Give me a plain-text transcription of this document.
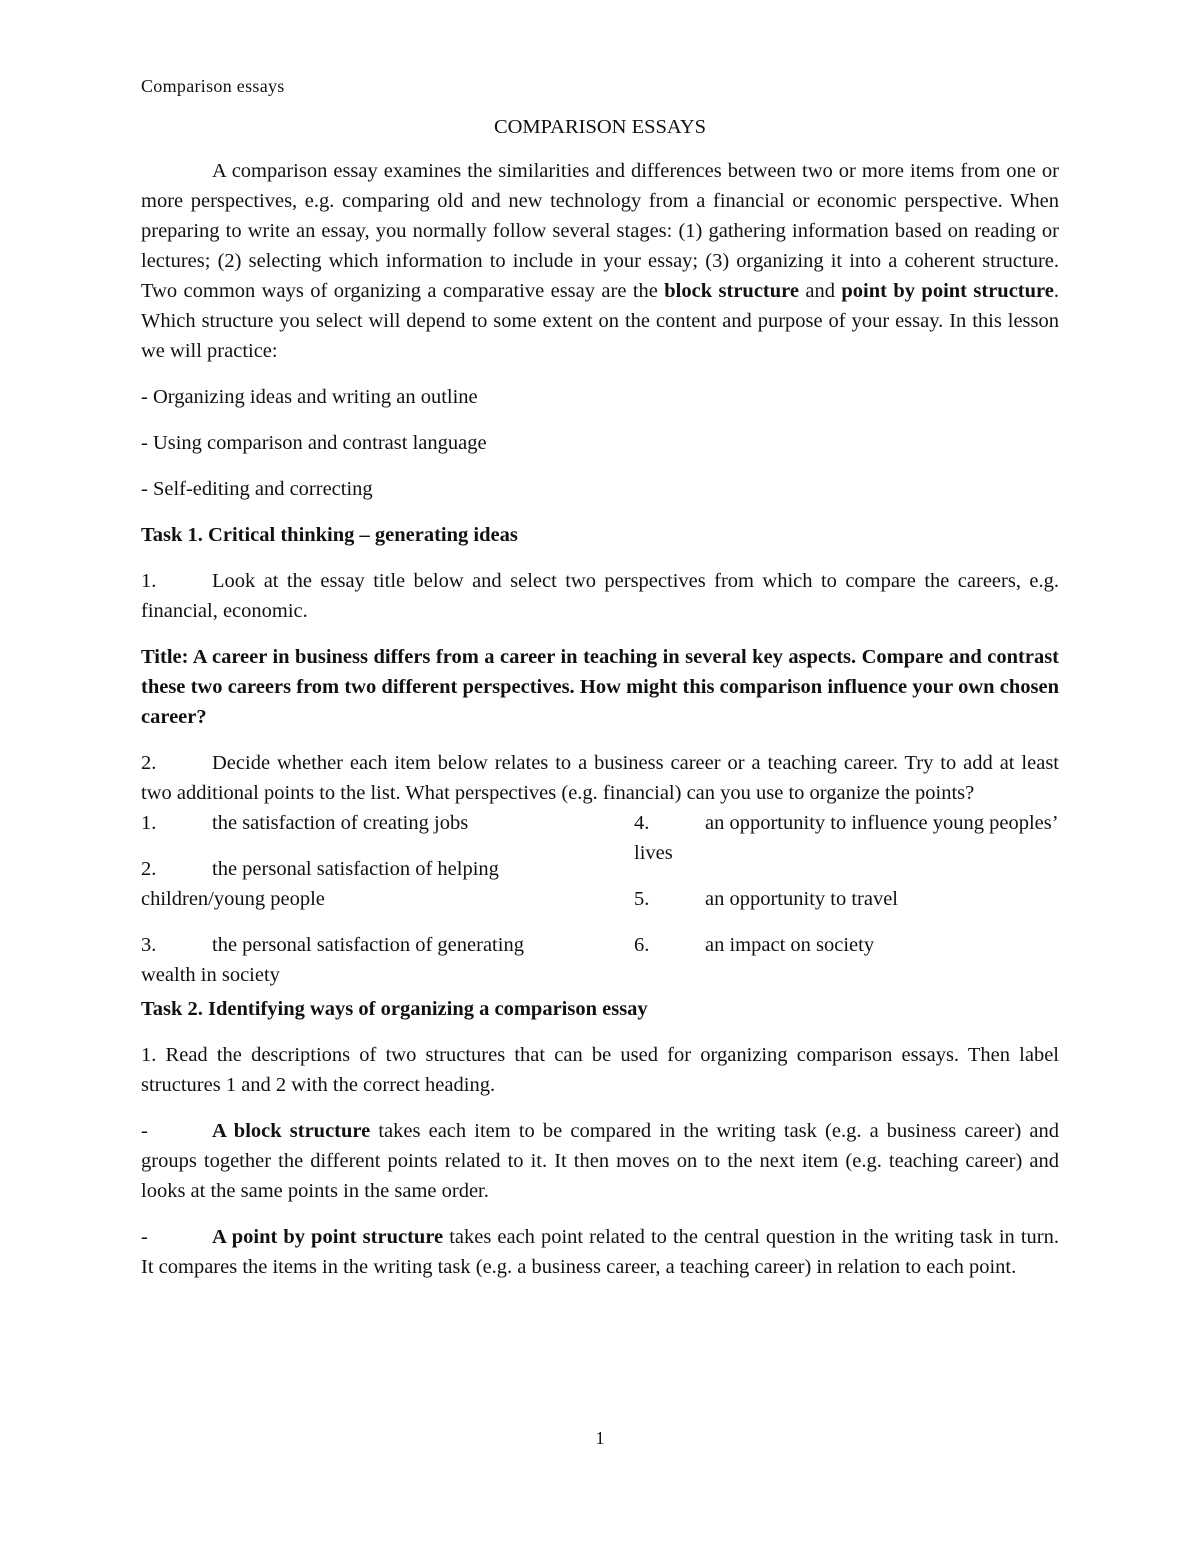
Comparison essays

COMPARISON ESSAYS

A comparison essay examines the similarities and differences between two or more items from one or more perspectives, e.g. comparing old and new technology from a financial or economic perspective. When preparing to write an essay, you normally follow several stages: (1) gathering information based on reading or lectures; (2) selecting which information to include in your essay; (3) organizing it into a coherent structure. Two common ways of organizing a comparative essay are the block structure and point by point structure. Which structure you select will depend to some extent on the content and purpose of your essay. In this lesson we will practice:

- Organizing ideas and writing an outline

- Using comparison and contrast language

- Self-editing and correcting

Task 1. Critical thinking – generating ideas

1.	Look at the essay title below and select two perspectives from which to compare the careers, e.g. financial, economic.

Title: A career in business differs from a career in teaching in several key aspects. Compare and contrast these two careers from two different perspectives. How might this comparison influence your own chosen career?

2.	Decide whether each item below relates to a business career or a teaching career. Try to add at least two additional points to the list. What perspectives (e.g. financial) can you use to organize the points?

1.	the satisfaction of creating jobs

2.	the personal satisfaction of helping children/young people

3.	the personal satisfaction of generating wealth in society

4.	an opportunity to influence young peoples’ lives

5.	an opportunity to travel

6.	an impact on society

Task 2. Identifying ways of organizing a comparison essay

1. Read the descriptions of two structures that can be used for organizing comparison essays. Then label structures 1 and 2 with the correct heading.

-	A block structure takes each item to be compared in the writing task (e.g. a business career) and groups together the different points related to it. It then moves on to the next item (e.g. teaching career) and looks at the same points in the same order.

-	A point by point structure takes each point related to the central question in the writing task in turn. It compares the items in the writing task (e.g. a business career, a teaching career) in relation to each point.

1
